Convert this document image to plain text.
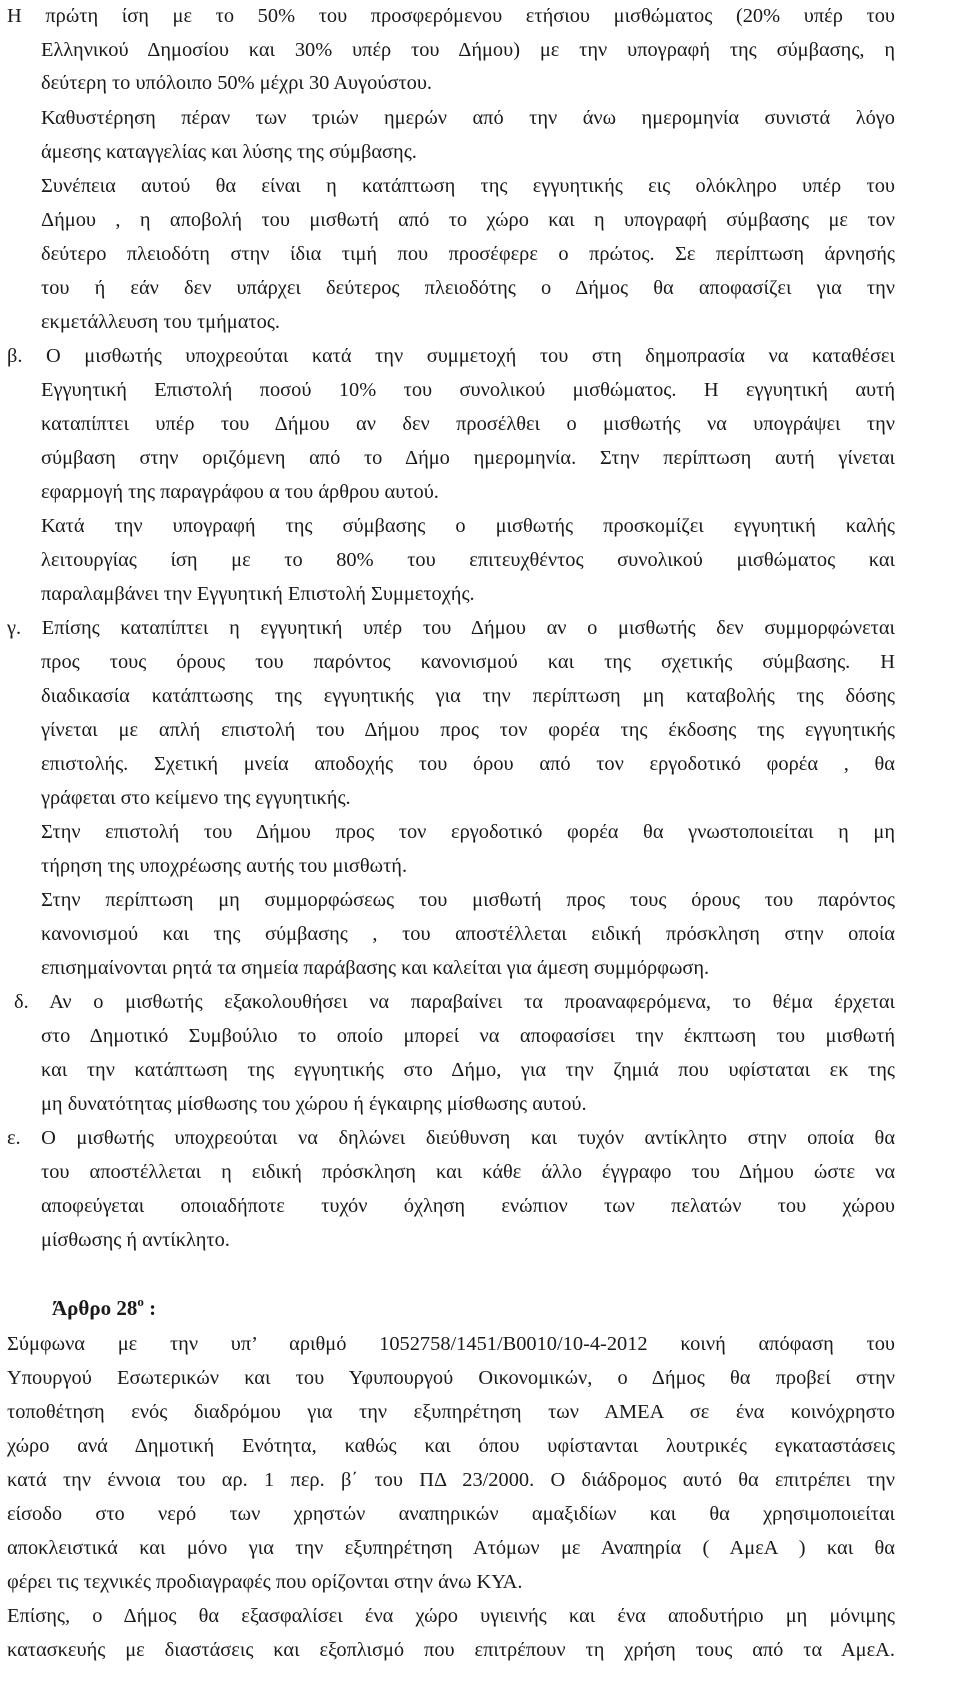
Η πρώτη ίση με το 50% του προσφερόμενου ετήσιου μισθώματος (20% υπέρ του
Ελληνικού Δημοσίου και 30% υπέρ του Δήμου) με την υπογραφή της σύμβασης, η
δεύτερη το υπόλοιπο 50% μέχρι 30 Αυγούστου.
Καθυστέρηση πέραν των τριών ημερών από την άνω ημερομηνία συνιστά λόγο
άμεσης καταγγελίας και λύσης της σύμβασης.
Συνέπεια αυτού θα είναι η κατάπτωση της εγγυητικής εις ολόκληρο υπέρ του
Δήμου , η αποβολή του μισθωτή από το χώρο και η υπογραφή σύμβασης με τον
δεύτερο πλειοδότη στην ίδια τιμή που προσέφερε ο πρώτος. Σε περίπτωση άρνησής
του ή εάν δεν υπάρχει δεύτερος πλειοδότης ο Δήμος θα αποφασίζει για την
εκμετάλλευση του τμήματος.
β. Ο μισθωτής υποχρεούται κατά την συμμετοχή του στη δημοπρασία να καταθέσει
Εγγυητική Επιστολή ποσού 10% του συνολικού μισθώματος. Η εγγυητική αυτή
καταπίπτει υπέρ του Δήμου αν δεν προσέλθει ο μισθωτής να υπογράψει την
σύμβαση στην οριζόμενη από το Δήμο ημερομηνία. Στην περίπτωση αυτή γίνεται
εφαρμογή της παραγράφου α του άρθρου αυτού.
Κατά την υπογραφή της σύμβασης ο μισθωτής προσκομίζει εγγυητική καλής
λειτουργίας ίση με το 80% του επιτευχθέντος συνολικού μισθώματος και
παραλαμβάνει την Εγγυητική Επιστολή Συμμετοχής.
γ. Επίσης καταπίπτει η εγγυητική υπέρ του Δήμου αν ο μισθωτής δεν συμμορφώνεται
προς τους όρους του παρόντος κανονισμού και της σχετικής σύμβασης. Η
διαδικασία κατάπτωσης της εγγυητικής για την περίπτωση μη καταβολής της δόσης
γίνεται με απλή επιστολή του Δήμου προς τον φορέα της έκδοσης της εγγυητικής
επιστολής. Σχετική μνεία αποδοχής του όρου από τον εργοδοτικό φορέα , θα
γράφεται στο κείμενο της εγγυητικής.
Στην επιστολή του Δήμου προς τον εργοδοτικό φορέα θα γνωστοποιείται η μη
τήρηση της υποχρέωσης αυτής του μισθωτή.
Στην περίπτωση μη συμμορφώσεως του μισθωτή προς τους όρους του παρόντος
κανονισμού και της σύμβασης , του αποστέλλεται ειδική πρόσκληση στην οποία
επισημαίνονται ρητά τα σημεία παράβασης και καλείται για άμεση συμμόρφωση.
δ. Αν ο μισθωτής εξακολουθήσει να παραβαίνει τα προαναφερόμενα, το θέμα έρχεται
στο Δημοτικό Συμβούλιο το οποίο μπορεί να αποφασίσει την έκπτωση του μισθωτή
και την κατάπτωση της εγγυητικής στο Δήμο, για την ζημιά που υφίσταται εκ της
μη δυνατότητας μίσθωσης του χώρου ή έγκαιρης μίσθωσης αυτού.
ε. Ο μισθωτής υποχρεούται να δηλώνει διεύθυνση και τυχόν αντίκλητο στην οποία θα
του αποστέλλεται η ειδική πρόσκληση και κάθε άλλο έγγραφο του Δήμου ώστε να
αποφεύγεται οποιαδήποτε τυχόν όχληση ενώπιον των πελατών του χώρου
μίσθωσης ή αντίκλητο.
Άρθρο $28^o$ :
Σύμφωνα με την υπ’ αριθμό 1052758/1451/Β0010/10-4-2012 κοινή απόφαση του
Υπουργού Εσωτερικών και του Υφυπουργού Οικονομικών, ο Δήμος θα προβεί στην
τοποθέτηση ενός διαδρόμου για την εξυπηρέτηση των ΑΜΕΑ σε ένα κοινόχρηστο
χώρο ανά Δημοτική Ενότητα, καθώς και όπου υφίστανται λουτρικές εγκαταστάσεις
κατά την έννοια του αρ. 1 περ. β΄ του ΠΔ 23/2000. Ο διάδρομος αυτό θα επιτρέπει την
είσοδο στο νερό των χρηστών αναπηρικών αμαξιδίων και θα χρησιμοποιείται
αποκλειστικά και μόνο για την εξυπηρέτηση Ατόμων με Αναπηρία ( ΑμεΑ ) και θα
φέρει τις τεχνικές προδιαγραφές που ορίζονται στην άνω ΚΥΑ.
Επίσης, ο Δήμος θα εξασφαλίσει ένα χώρο υγιεινής και ένα αποδυτήριο μη μόνιμης
κατασκευής με διαστάσεις και εξοπλισμό που επιτρέπουν τη χρήση τους από τα ΑμεΑ.
